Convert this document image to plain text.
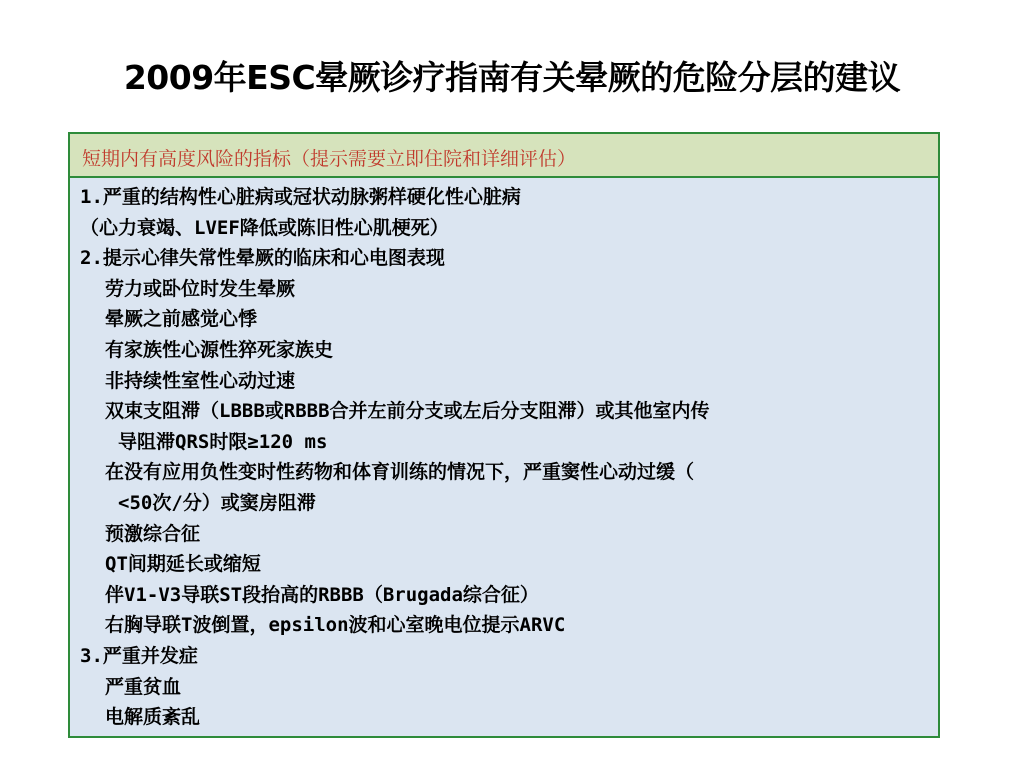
2009年ESC晕厥诊疗指南有关晕厥的危险分层的建议
短期内有高度风险的指标（提示需要立即住院和详细评估）
1.严重的结构性心脏病或冠状动脉粥样硬化性心脏病
（心力衰竭、LVEF降低或陈旧性心肌梗死）
2.提示心律失常性晕厥的临床和心电图表现
劳力或卧位时发生晕厥
晕厥之前感觉心悸
有家族性心源性猝死家族史
非持续性室性心动过速
双束支阻滞（LBBB或RBBB合并左前分支或左后分支阻滞）或其他室内传
导阻滞QRS时限≥120 ms
在没有应用负性变时性药物和体育训练的情况下，严重窦性心动过缓（
<50次/分）或窦房阻滞
预激综合征
QT间期延长或缩短
伴V1-V3导联ST段抬高的RBBB（Brugada综合征）
右胸导联T波倒置，epsilon波和心室晚电位提示ARVC
3.严重并发症
严重贫血
电解质紊乱
